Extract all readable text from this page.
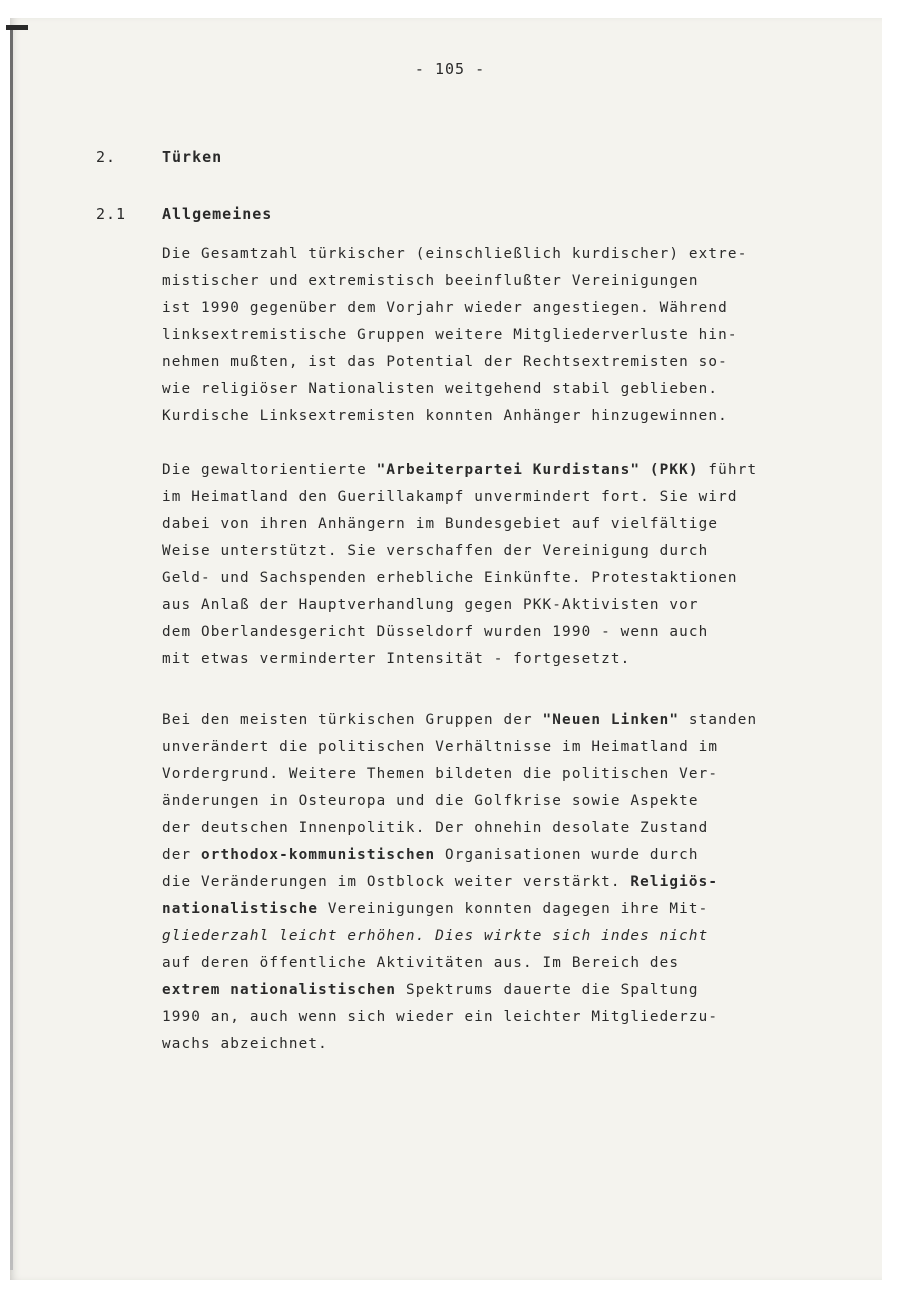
- 105 -
2.	Türken
2.1 Allgemeines
Die Gesamtzahl türkischer (einschließlich kurdischer) extre-
mistischer und extremistisch beeinflußter Vereinigungen
ist 1990 gegenüber dem Vorjahr wieder angestiegen. Während
linksextremistische Gruppen weitere Mitgliederverluste hin-
nehmen mußten, ist das Potential der Rechtsextremisten so-
wie religiöser Nationalisten weitgehend stabil geblieben.
Kurdische Linksextremisten konnten Anhänger hinzugewinnen.
Die gewaltorientierte "Arbeiterpartei Kurdistans" (PKK) führt
im Heimatland den Guerillakampf unvermindert fort. Sie wird
dabei von ihren Anhängern im Bundesgebiet auf vielfältige
Weise unterstützt. Sie verschaffen der Vereinigung durch
Geld- und Sachspenden erhebliche Einkünfte. Protestaktionen
aus Anlaß der Hauptverhandlung gegen PKK-Aktivisten vor
dem Oberlandesgericht Düsseldorf wurden 1990 - wenn auch
mit etwas verminderter Intensität - fortgesetzt.
Bei den meisten türkischen Gruppen der "Neuen Linken" standen
unverändert die politischen Verhältnisse im Heimatland im
Vordergrund. Weitere Themen bildeten die politischen Ver-
änderungen in Osteuropa und die Golfkrise sowie Aspekte
der deutschen Innenpolitik. Der ohnehin desolate Zustand
der orthodox-kommunistischen Organisationen wurde durch
die Veränderungen im Ostblock weiter verstärkt. Religiös-
nationalistische Vereinigungen konnten dagegen ihre Mit-
gliederzahl leicht erhöhen. Dies wirkte sich indes nicht
auf deren öffentliche Aktivitäten aus. Im Bereich des
extrem nationalistischen Spektrums dauerte die Spaltung
1990 an, auch wenn sich wieder ein leichter Mitgliederzu-
wachs abzeichnet.
